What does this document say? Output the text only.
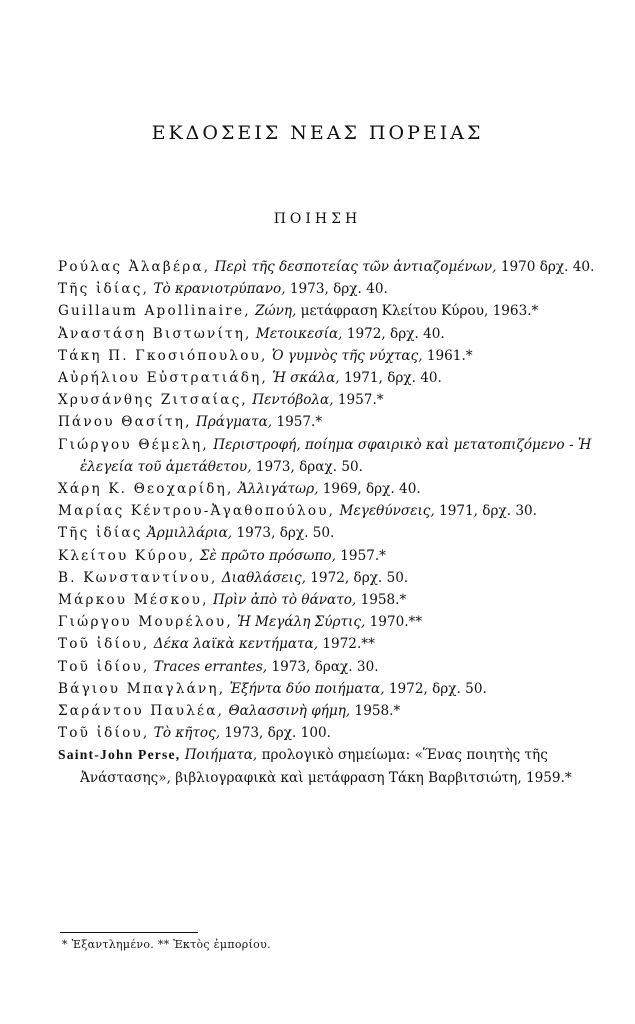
ΕΚΔΟΣΕΙΣ ΝΕΑΣ ΠΟΡΕΙΑΣ
ΠΟΙΗΣΗ
Ρούλας Ἀλαβέρα, Περὶ τῆς δεσποτείας τῶν ἀντιαζομένων, 1970 δρχ. 40.
Τῆς ἰδίας, Τὸ κρανιοτρύπανο, 1973, δρχ. 40.
Guillaum Apollinaire, Ζώνη, μετάφραση Κλείτου Κύρου, 1963.*
Ἀναστάση Βιστωνίτη, Μετοικεσία, 1972, δρχ. 40.
Τάκη Π. Γκοσιόπουλου, Ὁ γυμνὸς τῆς νύχτας, 1961.*
Αὐρήλιου Εὐστρατιάδη, Ἡ σκάλα, 1971, δρχ. 40.
Χρυσάνθης Ζιτσαίας, Πεντόβολα, 1957.*
Πάνου Θασίτη, Πράγματα, 1957.*
Γιώργου Θέμελη, Περιστροφή, ποίημα σφαιρικὸ καὶ μετατοπιζόμενο - Ἡ ἐλεγεία τοῦ ἀμετάθετου, 1973, δραχ. 50.
Χάρη Κ. Θεοχαρίδη, Ἀλλιγάτωρ, 1969, δρχ. 40.
Μαρίας Κέντρου-Ἀγαθοπούλου, Μεγεθύνσεις, 1971, δρχ. 30.
Τῆς ἰδίας Ἀρμιλλάρια, 1973, δρχ. 50.
Κλείτου Κύρου, Σὲ πρῶτο πρόσωπο, 1957.*
Β. Κωνσταντίνου, Διαθλάσεις, 1972, δρχ. 50.
Μάρκου Μέσκου, Πρὶν ἀπὸ τὸ θάνατο, 1958.*
Γιώργου Μουρέλου, Ἡ Μεγάλη Σύρτις, 1970.**
Τοῦ ἰδίου, Δέκα λαϊκὰ κεντήματα, 1972.**
Τοῦ ἰδίου, Traces errantes, 1973, δραχ. 30.
Βάγιου Μπαγλάνη, Ἑξήντα δύο ποιήματα, 1972, δρχ. 50.
Σαράντου Παυλέα, Θαλασσινὴ φήμη, 1958.*
Τοῦ ἰδίου, Τὸ κῆτος, 1973, δρχ. 100.
Saint-John Perse, Ποιήματα, προλογικὸ σημείωμα: «Ἕνας ποιητὴς τῆς Ἀνάστασης», βιβλιογραφικὰ καὶ μετάφραση Τάκη Βαρβιτσιώτη, 1959.*
* Ἐξαντλημένο. ** Ἐκτὸς ἐμπορίου.
